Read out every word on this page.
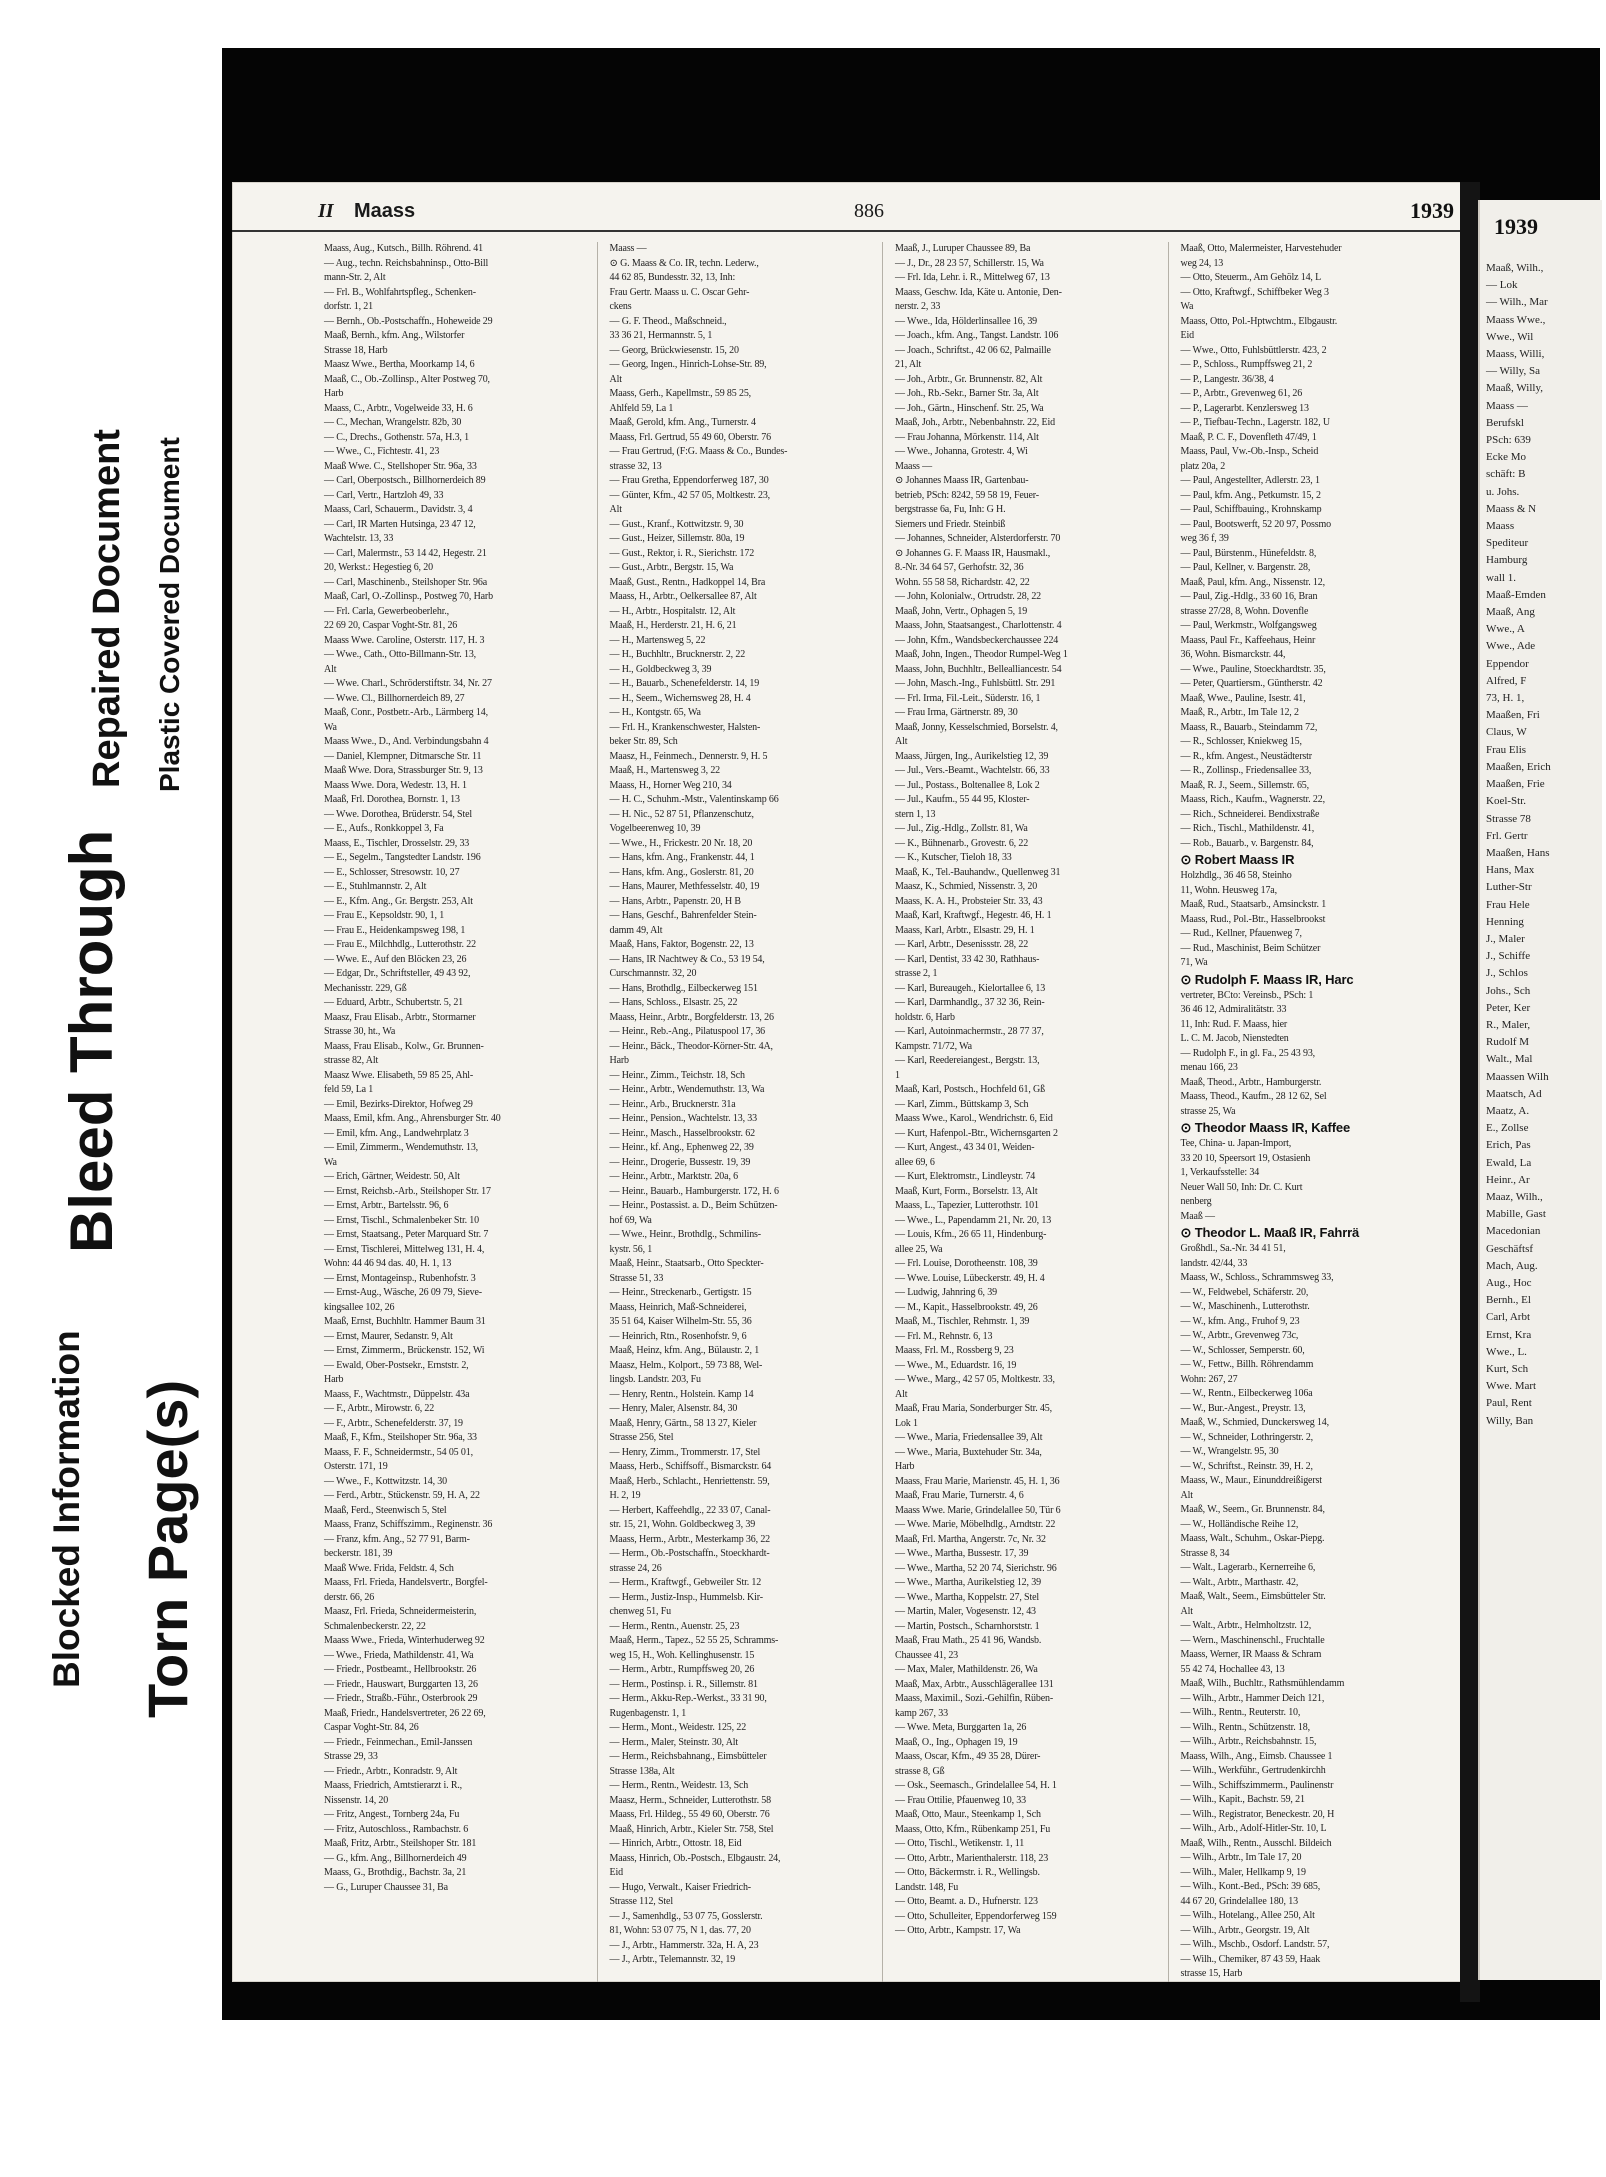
Blocked Information Torn Page(s)
Bleed Through
Repaired Document Plastic Covered Document
II Maass	886	1939
Maass, Aug., Kutsch., Billh. Röhrend. 41
— Aug., techn. Reichsbahninsp., Otto-Bill
mann-Str. 2, Alt
— Frl. B., Wohlfahrtspfleg., Schenken-
dorfstr. 1, 21
— Bernh., Ob.-Postschaffn., Hoheweide 29
Maaß, Bernh., kfm. Ang., Wilstorfer
Strasse 18, Harb
Maasz Wwe., Bertha, Moorkamp 14, 6
Maaß, C., Ob.-Zollinsp., Alter Postweg 70,
Harb
Maass, C., Arbtr., Vogelweide 33, H. 6
— C., Mechan, Wrangelstr. 82b, 30
— C., Drechs., Gothenstr. 57a, H.3, 1
— Wwe., C., Fichtestr. 41, 23
Maaß Wwe. C., Stellshoper Str. 96a, 33
— Carl, Oberpostsch., Billhornerdeich 89
— Carl, Vertr., Hartzloh 49, 33
Maass, Carl, Schauerm., Davidstr. 3, 4
— Carl, IR Marten Hutsinga, 23 47 12,
Wachtelstr. 13, 33
— Carl, Malermstr., 53 14 42, Hegestr. 21
20, Werkst.: Hegestieg 6, 20
— Carl, Maschinenb., Steilshoper Str. 96a
Maaß, Carl, O.-Zollinsp., Postweg 70, Harb
— Frl. Carla, Gewerbeoberlehr.,
22 69 20, Caspar Voght-Str. 81, 26
Maass Wwe. Caroline, Osterstr. 117, H. 3
— Wwe., Cath., Otto-Billmann-Str. 13,
Alt
— Wwe. Charl., Schröderstiftstr. 34, Nr. 27
— Wwe. Cl., Billhornerdeich 89, 27
Maaß, Conr., Postbetr.-Arb., Lärmberg 14,
Wa
Maass Wwe., D., And. Verbindungsbahn 4
— Daniel, Klempner, Ditmarsche Str. 11
Maaß Wwe. Dora, Strassburger Str. 9, 13
Maass Wwe. Dora, Wedestr. 13, H. 1
Maaß, Frl. Dorothea, Bornstr. 1, 13
— Wwe. Dorothea, Brüderstr. 54, Stel
— E., Aufs., Ronkkoppel 3, Fa
Maass, E., Tischler, Drosselstr. 29, 33
— E., Segelm., Tangstedter Landstr. 196
— E., Schlosser, Stresowstr. 10, 27
— E., Stuhlmannstr. 2, Alt
— E., Kfm. Ang., Gr. Bergstr. 253, Alt
— Frau E., Kepsoldstr. 90, 1, 1
— Frau E., Heidenkampsweg 198, 1
— Frau E., Milchhdlg., Lutterothstr. 22
— Wwe. E., Auf den Blöcken 23, 26
— Edgar, Dr., Schriftsteller, 49 43 92,
Mechanisstr. 229, Gß
— Eduard, Arbtr., Schubertstr. 5, 21
Maasz, Frau Elisab., Arbtr., Stormarner
Strasse 30, ht., Wa
Maass, Frau Elisab., Kolw., Gr. Brunnen-
strasse 82, Alt
Maasz Wwe. Elisabeth, 59 85 25, Ahl-
feld 59, La 1
— Emil, Bezirks-Direktor, Hofweg 29
Maass, Emil, kfm. Ang., Ahrensburger Str. 40
— Emil, kfm. Ang., Landwehrplatz 3
— Emil, Zimmerm., Wendemuthstr. 13,
Wa
— Erich, Gärtner, Weidestr. 50, Alt
— Ernst, Reichsb.-Arb., Steilshoper Str. 17
— Ernst, Arbtr., Bartelsstr. 96, 6
— Ernst, Tischl., Schmalenbeker Str. 10
— Ernst, Staatsang., Peter Marquard Str. 7
— Ernst, Tischlerei, Mittelweg 131, H. 4,
Wohn: 44 46 94 das. 40, H. 1, 13
— Ernst, Montageinsp., Rubenhofstr. 3
— Ernst-Aug., Wäsche, 26 09 79, Sieve-
kingsallee 102, 26
Maaß, Ernst, Buchhltr. Hammer Baum 31
— Ernst, Maurer, Sedanstr. 9, Alt
— Ernst, Zimmerm., Brückenstr. 152, Wi
— Ewald, Ober-Postsekr., Ernststr. 2,
Harb
Maass, F., Wachtmstr., Düppelstr. 43a
— F., Arbtr., Mirowstr. 6, 22
— F., Arbtr., Schenefelderstr. 37, 19
Maaß, F., Kfm., Steilshoper Str. 96a, 33
Maass, F. F., Schneidermstr., 54 05 01,
Osterstr. 171, 19
— Wwe., F., Kottwitzstr. 14, 30
— Ferd., Arbtr., Stückenstr. 59, H. A, 22
Maaß, Ferd., Steenwisch 5, Stel
Maass, Franz, Schiffszimm., Reginenstr. 36
— Franz, kfm. Ang., 52 77 91, Barm-
beckerstr. 181, 39
Maaß Wwe. Frida, Feldstr. 4, Sch
Maass, Frl. Frieda, Handelsvertr., Borgfel-
derstr. 66, 26
Maasz, Frl. Frieda, Schneidermeisterin,
Schmalenbeckerstr. 22, 22
Maass Wwe., Frieda, Winterhuderweg 92
— Wwe., Frieda, Mathildenstr. 41, Wa
— Friedr., Postbeamt., Hellbrookstr. 26
— Friedr., Hauswart, Burggarten 13, 26
— Friedr., Straßb.-Führ., Osterbrook 29
Maaß, Friedr., Handelsvertreter, 26 22 69,
Caspar Voght-Str. 84, 26
— Friedr., Feinmechan., Emil-Janssen
Strasse 29, 33
— Friedr., Arbtr., Konradstr. 9, Alt
Maass, Friedrich, Amtstierarzt i. R.,
Nissenstr. 14, 20
— Fritz, Angest., Tornberg 24a, Fu
— Fritz, Autoschloss., Rambachstr. 6
Maaß, Fritz, Arbtr., Steilshoper Str. 181
— G., kfm. Ang., Billhornerdeich 49
Maass, G., Brothdig., Bachstr. 3a, 21
— G., Luruper Chaussee 31, Ba
Maass —
⊙ G. Maass & Co. IR, techn. Lederw.,
44 62 85, Bundesstr. 32, 13, Inh:
Frau Gertr. Maass u. C. Oscar Gehr-
ckens
— G. F. Theod., Maßschneid.,
33 36 21, Hermannstr. 5, 1
— Georg, Brückwiesenstr. 15, 20
— Georg, Ingen., Hinrich-Lohse-Str. 89,
Alt
Maass, Gerh., Kapellmstr., 59 85 25,
Ahlfeld 59, La 1
Maaß, Gerold, kfm. Ang., Turnerstr. 4
Maass, Frl. Gertrud, 55 49 60, Oberstr. 76
— Frau Gertrud, (F:G. Maass & Co., Bundes-
strasse 32, 13
— Frau Gretha, Eppendorferweg 187, 30
— Günter, Kfm., 42 57 05, Moltkestr. 23,
Alt
— Gust., Kranf., Kottwitzstr. 9, 30
— Gust., Heizer, Sillemstr. 80a, 19
— Gust., Rektor, i. R., Sierichstr. 172
— Gust., Arbtr., Bergstr. 15, Wa
Maaß, Gust., Rentn., Hadkoppel 14, Bra
Maass, H., Arbtr., Oelkersallee 87, Alt
— H., Arbtr., Hospitalstr. 12, Alt
Maaß, H., Herderstr. 21, H. 6, 21
— H., Martensweg 5, 22
— H., Buchhltr., Brucknerstr. 2, 22
— H., Goldbeckweg 3, 39
— H., Bauarb., Schenefelderstr. 14, 19
— H., Seem., Wichernsweg 28, H. 4
— H., Kontgstr. 65, Wa
— Frl. H., Krankenschwester, Halsten-
beker Str. 89, Sch
Maasz, H., Feinmech., Dennerstr. 9, H. 5
Maaß, H., Martensweg 3, 22
Maass, H., Horner Weg 210, 34
— H. C., Schuhm.-Mstr., Valentinskamp 66
— H. Nic., 52 87 51, Pflanzenschutz,
Vogelbeerenweg 10, 39
— Wwe., H., Frickestr. 20 Nr. 18, 20
— Hans, kfm. Ang., Frankenstr. 44, 1
— Hans, kfm. Ang., Goslerstr. 81, 20
— Hans, Maurer, Methfesselstr. 40, 19
— Hans, Arbtr., Papenstr. 20, H B
— Hans, Geschf., Bahrenfelder Stein-
damm 49, Alt
Maaß, Hans, Faktor, Bogenstr. 22, 13
— Hans, IR Nachtwey & Co., 53 19 54,
Curschmannstr. 32, 20
— Hans, Brothdlg., Eilbeckerweg 151
— Hans, Schloss., Elsastr. 25, 22
Maass, Heinr., Arbtr., Borgfelderstr. 13, 26
— Heinr., Reb.-Ang., Pilatuspool 17, 36
— Heinr., Bäck., Theodor-Körner-Str. 4A,
Harb
— Heinr., Zimm., Teichstr. 18, Sch
— Heinr., Arbtr., Wendemuthstr. 13, Wa
— Heinr., Arb., Brucknerstr. 31a
— Heinr., Pension., Wachtelstr. 13, 33
— Heinr., Masch., Hasselbrookstr. 62
— Heinr., kf. Ang., Ephenweg 22, 39
— Heinr., Drogerie, Bussestr. 19, 39
— Heinr., Arbtr., Marktstr. 20a, 6
— Heinr., Bauarb., Hamburgerstr. 172, H. 6
— Heinr., Postassist. a. D., Beim Schützen-
hof 69, Wa
— Wwe., Heinr., Brothdlg., Schmilins-
kystr. 56, 1
Maaß, Heinr., Staatsarb., Otto Speckter-
Strasse 51, 33
— Heinr., Streckenarb., Gertigstr. 15
Maass, Heinrich, Maß-Schneiderei,
35 51 64, Kaiser Wilhelm-Str. 55, 36
— Heinrich, Rtn., Rosenhofstr. 9, 6
Maaß, Heinz, kfm. Ang., Bülaustr. 2, 1
Maasz, Helm., Kolport., 59 73 88, Wel-
lingsb. Landstr. 203, Fu
— Henry, Rentn., Holstein. Kamp 14
— Henry, Maler, Alsenstr. 84, 30
Maaß, Henry, Gärtn., 58 13 27, Kieler
Strasse 256, Stel
— Henry, Zimm., Trommerstr. 17, Stel
Maass, Herb., Schiffsoff., Bismarckstr. 64
Maaß, Herb., Schlacht., Henriettenstr. 59,
H. 2, 19
— Herbert, Kaffeehdlg., 22 33 07, Canal-
str. 15, 21, Wohn. Goldbeckweg 3, 39
Maass, Herm., Arbtr., Mesterkamp 36, 22
— Herm., Ob.-Postschaffn., Stoeckhardt-
strasse 24, 26
— Herm., Kraftwgf., Gebweiler Str. 12
— Herm., Justiz-Insp., Hummelsb. Kir-
chenweg 51, Fu
— Herm., Rentn., Auenstr. 25, 23
Maaß, Herm., Tapez., 52 55 25, Schramms-
weg 15, H., Woh. Kellinghusenstr. 15
— Herm., Arbtr., Rumpffsweg 20, 26
— Herm., Postinsp. i. R., Sillemstr. 81
— Herm., Akku-Rep.-Werkst., 33 31 90,
Rugenbagenstr. 1, 1
— Herm., Mont., Weidestr. 125, 22
— Herm., Maler, Steinstr. 30, Alt
— Herm., Reichsbahnang., Eimsbütteler
Strasse 138a, Alt
— Herm., Rentn., Weidestr. 13, Sch
Maasz, Herm., Schneider, Lutterothstr. 58
Maass, Frl. Hildeg., 55 49 60, Oberstr. 76
Maaß, Hinrich, Arbtr., Kieler Str. 758, Stel
— Hinrich, Arbtr., Ottostr. 18, Eid
Maass, Hinrich, Ob.-Postsch., Elbgaustr. 24,
Eid
— Hugo, Verwalt., Kaiser Friedrich-
Strasse 112, Stel
— J., Samenhdlg., 53 07 75, Gosslerstr.
81, Wohn: 53 07 75, N 1, das. 77, 20
— J., Arbtr., Hammerstr. 32a, H. A, 23
— J., Arbtr., Telemannstr. 32, 19
Maaß, J., Luruper Chaussee 89, Ba
— J., Dr., 28 23 57, Schillerstr. 15, Wa
— Frl. Ida, Lehr. i. R., Mittelweg 67, 13
Maass, Geschw. Ida, Käte u. Antonie, Den-
nerstr. 2, 33
— Wwe., Ida, Hölderlinsallee 16, 39
— Joach., kfm. Ang., Tangst. Landstr. 106
— Joach., Schriftst., 42 06 62, Palmaille
21, Alt
— Joh., Arbtr., Gr. Brunnenstr. 82, Alt
— Joh., Rb.-Sekr., Barner Str. 3a, Alt
— Joh., Gärtn., Hinschenf. Str. 25, Wa
Maaß, Joh., Arbtr., Nebenbahnstr. 22, Eid
— Frau Johanna, Mörkenstr. 114, Alt
— Wwe., Johanna, Grotestr. 4, Wi
Maass —
⊙ Johannes Maass IR, Gartenbau-
betrieb, PSch: 8242, 59 58 19, Feuer-
bergstrasse 6a, Fu, Inh: G H.
Siemers und Friedr. Steinbiß
— Johannes, Schneider, Alsterdorferstr. 70
⊙ Johannes G. F. Maass IR, Hausmakl.,
8.-Nr. 34 64 57, Gerhofstr. 32, 36
Wohn. 55 58 58, Richardstr. 42, 22
— John, Kolonialw., Ortrudstr. 28, 22
Maaß, John, Vertr., Ophagen 5, 19
Maass, John, Staatsangest., Charlottenstr. 4
— John, Kfm., Wandsbeckerchaussee 224
Maaß, John, Ingen., Theodor Rumpel-Weg 1
Maass, John, Buchhltr., Bellealliancestr. 54
— John, Masch.-Ing., Fuhlsbüttl. Str. 291
— Frl. Irma, Fil.-Leit., Süderstr. 16, 1
— Frau Irma, Gärtnerstr. 89, 30
Maaß, Jonny, Kesselschmied, Borselstr. 4,
Alt
Maass, Jürgen, Ing., Aurikelstieg 12, 39
— Jul., Vers.-Beamt., Wachtelstr. 66, 33
— Jul., Postass., Boltenallee 8, Lok 2
— Jul., Kaufm., 55 44 95, Kloster-
stern 1, 13
— Jul., Zig.-Hdlg., Zollstr. 81, Wa
— K., Bühnenarb., Grovestr. 6, 22
— K., Kutscher, Tieloh 18, 33
Maaß, K., Tel.-Bauhandw., Quellenweg 31
Maasz, K., Schmied, Nissenstr. 3, 20
Maass, K. A. H., Probsteier Str. 33, 43
Maaß, Karl, Kraftwgf., Hegestr. 46, H. 1
Maass, Karl, Arbtr., Elsastr. 29, H. 1
— Karl, Arbtr., Desenissstr. 28, 22
— Karl, Dentist, 33 42 30, Rathhaus-
strasse 2, 1
— Karl, Bureaugeh., Kielortallee 6, 13
— Karl, Darmhandlg., 37 32 36, Rein-
holdstr. 6, Harb
— Karl, Autoinmachermstr., 28 77 37,
Kampstr. 71/72, Wa
— Karl, Reedereiangest., Bergstr. 13,
1
Maaß, Karl, Postsch., Hochfeld 61, Gß
— Karl, Zimm., Büttskamp 3, Sch
Maass Wwe., Karol., Wendrichstr. 6, Eid
— Kurt, Hafenpol.-Btr., Wichernsgarten 2
— Kurt, Angest., 43 34 01, Weiden-
allee 69, 6
— Kurt, Elektromstr., Lindleystr. 74
Maaß, Kurt, Form., Borselstr. 13, Alt
Maass, L., Tapezier, Lutterothstr. 101
— Wwe., L., Papendamm 21, Nr. 20, 13
— Louis, Kfm., 26 65 11, Hindenburg-
allee 25, Wa
— Frl. Louise, Dorotheenstr. 108, 39
— Wwe. Louise, Lübeckerstr. 49, H. 4
— Ludwig, Jahnring 6, 39
— M., Kapit., Hasselbrookstr. 49, 26
Maaß, M., Tischler, Rehmstr. 1, 39
— Frl. M., Rehnstr. 6, 13
Maass, Frl. M., Rossberg 9, 23
— Wwe., M., Eduardstr. 16, 19
— Wwe., Marg., 42 57 05, Moltkestr. 33,
Alt
Maaß, Frau Maria, Sonderburger Str. 45,
Lok 1
— Wwe., Maria, Friedensallee 39, Alt
— Wwe., Maria, Buxtehuder Str. 34a,
Harb
Maass, Frau Marie, Marienstr. 45, H. 1, 36
Maaß, Frau Marie, Turnerstr. 4, 6
Maass Wwe. Marie, Grindelallee 50, Tür 6
— Wwe. Marie, Möbelhdlg., Arndtstr. 22
Maaß, Frl. Martha, Angerstr. 7c, Nr. 32
— Wwe., Martha, Bussestr. 17, 39
— Wwe., Martha, 52 20 74, Sierichstr. 96
— Wwe., Martha, Aurikelstieg 12, 39
— Wwe., Martha, Koppelstr. 27, Stel
— Martin, Maler, Vogesenstr. 12, 43
— Martin, Postsch., Scharnhorststr. 1
Maaß, Frau Math., 25 41 96, Wandsb.
Chaussee 41, 23
— Max, Maler, Mathildenstr. 26, Wa
Maaß, Max, Arbtr., Ausschlägerallee 131
Maass, Maximil., Sozi.-Gehilfin, Rüben-
kamp 267, 33
— Wwe. Meta, Burggarten 1a, 26
Maaß, O., Ing., Ophagen 19, 19
Maass, Oscar, Kfm., 49 35 28, Dürer-
strasse 8, Gß
— Osk., Seemasch., Grindelallee 54, H. 1
— Frau Ottilie, Pfauenweg 10, 33
Maaß, Otto, Maur., Steenkamp 1, Sch
Maass, Otto, Kfm., Rübenkamp 251, Fu
— Otto, Tischl., Wetikenstr. 1, 11
— Otto, Arbtr., Marienthalerstr. 118, 23
— Otto, Bäckermstr. i. R., Wellingsb.
Landstr. 148, Fu
— Otto, Beamt. a. D., Hufnerstr. 123
— Otto, Schulleiter, Eppendorferweg 159
— Otto, Arbtr., Kampstr. 17, Wa
Maaß, Otto, Malermeister, Harvestehuder
weg 24, 13
— Otto, Steuerm., Am Gehölz 14, L
— Otto, Kraftwgf., Schiffbeker Weg 3
Wa
Maass, Otto, Pol.-Hptwchtm., Elbgaustr.
Eid
— Wwe., Otto, Fuhlsbüttlerstr. 423, 2
— P., Schloss., Rumpffsweg 21, 2
— P., Langestr. 36/38, 4
— P., Arbtr., Grevenweg 61, 26
— P., Lagerarbt. Kenzlersweg 13
— P., Tiefbau-Techn., Lagerstr. 182, U
Maaß, P. C. F., Dovenfleth 47/49, 1
Maass, Paul, Vw.-Ob.-Insp., Scheid
platz 20a, 2
— Paul, Angestellter, Adlerstr. 23, 1
— Paul, kfm. Ang., Petkumstr. 15, 2
— Paul, Schiffbauing., Krohnskamp
— Paul, Bootswerft, 52 20 97, Possmo
weg 36 f, 39
— Paul, Bürstenm., Hünefeldstr. 8,
— Paul, Kellner, v. Bargenstr. 28,
Maaß, Paul, kfm. Ang., Nissenstr. 12,
— Paul, Zig.-Hdlg., 33 60 16, Bran
strasse 27/28, 8, Wohn. Dovenfle
— Paul, Werkmstr., Wolfgangsweg
Maass, Paul Fr., Kaffeehaus, Heinr
36, Wohn. Bismarckstr. 44,
— Wwe., Pauline, Stoeckhardtstr. 35,
— Peter, Quartiersm., Güntherstr. 42
Maaß, Wwe., Pauline, Isestr. 41,
Maaß, R., Arbtr., Im Tale 12, 2
Maass, R., Bauarb., Steindamm 72,
— R., Schlosser, Kniekweg 15,
— R., kfm. Angest., Neustädterstr
— R., Zollinsp., Friedensallee 33,
Maaß, R. J., Seem., Sillemstr. 65,
Maass, Rich., Kaufm., Wagnerstr. 22,
— Rich., Schneiderei. Bendixstraße
— Rich., Tischl., Mathildenstr. 41,
— Rob., Bauarb., v. Bargenstr. 84,
⊙ Robert Maass IR
Holzhdlg., 36 46 58, Steinho
11, Wohn. Heusweg 17a,
Maaß, Rud., Staatsarb., Amsinckstr. 1
Maass, Rud., Pol.-Btr., Hasselbrookst
— Rud., Kellner, Pfauenweg 7,
— Rud., Maschinist, Beim Schützer
71, Wa
⊙ Rudolph F. Maass IR, Harc
vertreter, BCto: Vereinsb., PSch: 1
36 46 12, Admiralitätstr. 33
11, Inh: Rud. F. Maass, hier
L. C. M. Jacob, Nienstedten
— Rudolph F., in gl. Fa., 25 43 93,
menau 166, 23
Maaß, Theod., Arbtr., Hamburgerstr.
Maass, Theod., Kaufm., 28 12 62, Sel
strasse 25, Wa
⊙ Theodor Maass IR, Kaffee
Tee, China- u. Japan-Import,
33 20 10, Speersort 19, Ostasienh
1, Verkaufsstelle: 34
Neuer Wall 50, Inh: Dr. C. Kurt
nenberg
Maaß —
⊙ Theodor L. Maaß IR, Fahrrä
Großhdl., Sa.-Nr. 34 41 51,
landstr. 42/44, 33
Maass, W., Schloss., Schrammsweg 33,
— W., Feldwebel, Schäferstr. 20,
— W., Maschinenh., Lutterothstr.
— W., kfm. Ang., Fruhof 9, 23
— W., Arbtr., Grevenweg 73c,
— W., Schlosser, Semperstr. 60,
— W., Fettw., Billh. Röhrendamm
Wohn: 267, 27
— W., Rentn., Eilbeckerweg 106a
— W., Bur.-Angest., Preystr. 13,
Maaß, W., Schmied, Dunckersweg 14,
— W., Schneider, Lothringerstr. 2,
— W., Wrangelstr. 95, 30
— W., Schriftst., Reinstr. 39, H. 2,
Maass, W., Maur., Einunddreißigerst
Alt
Maaß, W., Seem., Gr. Brunnenstr. 84,
— W., Holländische Reihe 12,
Maass, Walt., Schuhm., Oskar-Piepg.
Strasse 8, 34
— Walt., Lagerarb., Kernerreihe 6,
— Walt., Arbtr., Marthastr. 42,
Maaß, Walt., Seem., Eimsbütteler Str.
Alt
— Walt., Arbtr., Helmholtzstr. 12,
— Wern., Maschinenschl., Fruchtalle
Maass, Werner, IR Maass & Schram
55 42 74, Hochallee 43, 13
Maaß, Wilh., Buchltr., Rathsmühlendamm
— Wilh., Arbtr., Hammer Deich 121,
— Wilh., Rentn., Reuterstr. 10,
— Wilh., Rentn., Schützenstr. 18,
— Wilh., Arbtr., Reichsbahnstr. 15,
Maass, Wilh., Ang., Eimsb. Chaussee 1
— Wilh., Werkführ., Gertrudenkirchh
— Wilh., Schiffszimmerm., Paulinenstr
— Wilh., Kapit., Bachstr. 59, 21
— Wilh., Registrator, Beneckestr. 20, H
— Wilh., Arb., Adolf-Hitler-Str. 10, L
Maaß, Wilh., Rentn., Ausschl. Bildeich
— Wilh., Arbtr., Im Tale 17, 20
— Wilh., Maler, Hellkamp 9, 19
— Wilh., Kont.-Bed., PSch: 39 685,
44 67 20, Grindelallee 180, 13
— Wilh., Hotelang., Allee 250, Alt
— Wilh., Arbtr., Georgstr. 19, Alt
— Wilh., Mschb., Osdorf. Landstr. 57,
— Wilh., Chemiker, 87 43 59, Haak
strasse 15, Harb
1939
Maaß, Wilh.,
— Lok
— Wilh., Mar
Maass Wwe.,
Wwe., Wil
Maass, Willi,
— Willy, Sa
Maaß, Willy,
Maass —
Berufskl
PSch: 639
Ecke Mo
schäft: B
u. Johs.
Maass & N
Maass
Spediteur
Hamburg
wall 1.
Maaß-Emden
Maaß, Ang
Wwe., A
Wwe., Ade
Eppendor
Alfred, F
73, H. 1,
Maaßen, Fri
Claus, W
Frau Elis
Maaßen, Erich
Maaßen, Frie
Koel-Str.
Strasse 78
Frl. Gertr
Maaßen, Hans
Hans, Max
Luther-Str
Frau Hele
Henning
J., Maler
J., Schiffe
J., Schlos
Johs., Sch
Peter, Ker
R., Maler,
Rudolf M
Walt., Mal
Maassen Wilh
Maatsch, Ad
Maatz, A.
E., Zollse
Erich, Pas
Ewald, La
Heinr., Ar
Maaz, Wilh.,
Mabille, Gast
Macedonian
Geschäftsf
Mach, Aug.
Aug., Hoc
Bernh., El
Carl, Arbt
Ernst, Kra
Wwe., L.
Kurt, Sch
Wwe. Mart
Paul, Rent
Willy, Ban
